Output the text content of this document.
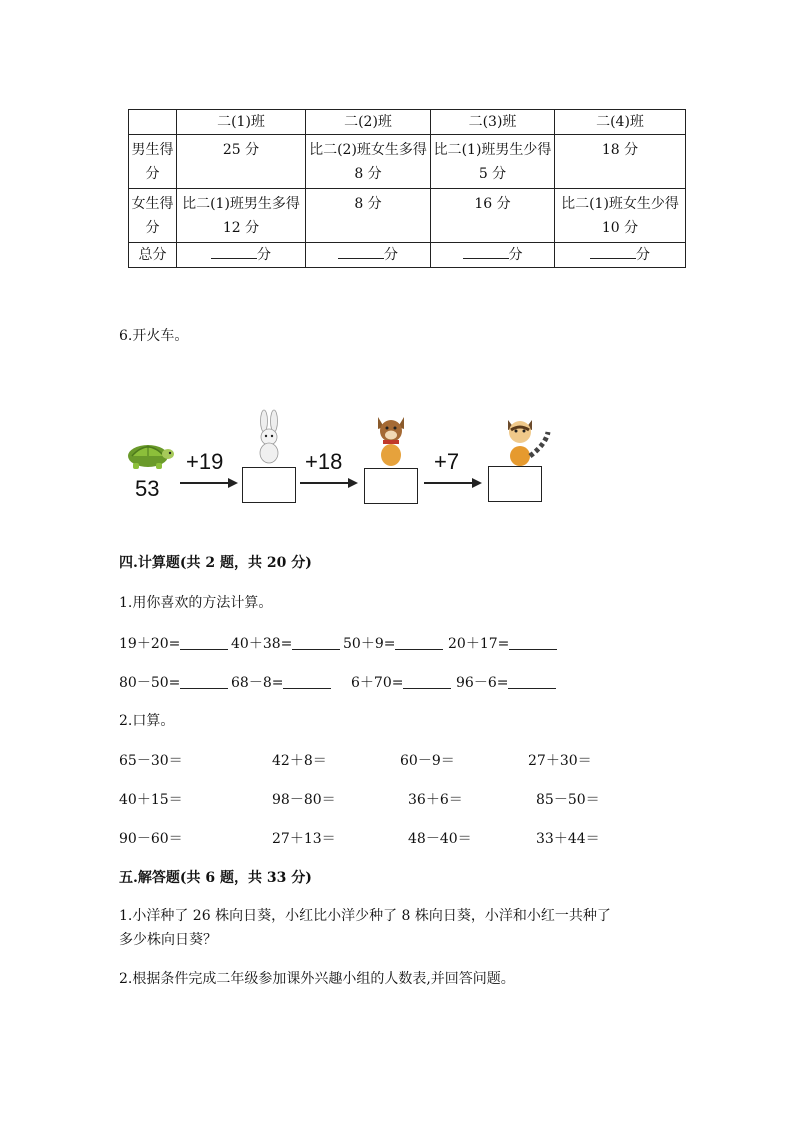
	二(1)班	二(2)班	二(3)班	二(4)班
男生得分	25 分	比二(2)班女生多得 8 分	比二(1)班男生少得 5 分	18 分
女生得分	比二(1)班男生多得 12 分	8 分	16 分	比二(1)班女生少得 10 分
总分	分	分	分	分
6.开火车。
53
+19	+18	+7
四.计算题(共 2 题，共 20 分)
1.用你喜欢的方法计算。
19＋20=	40＋38=	50＋9=	20＋17=
80－50=	68－8=	6＋70=	96－6=
2.口算。
65－30＝	42＋8＝	60－9＝	27＋30＝
40＋15＝	98－80＝	36＋6＝	85－50＝
90－60＝	27＋13＝	48－40＝	33＋44＝
五.解答题(共 6 题，共 33 分)
1.小洋种了 26 株向日葵，小红比小洋少种了 8 株向日葵，小洋和小红一共种了
多少株向日葵？
2.根据条件完成二年级参加课外兴趣小组的人数表,并回答问题。
